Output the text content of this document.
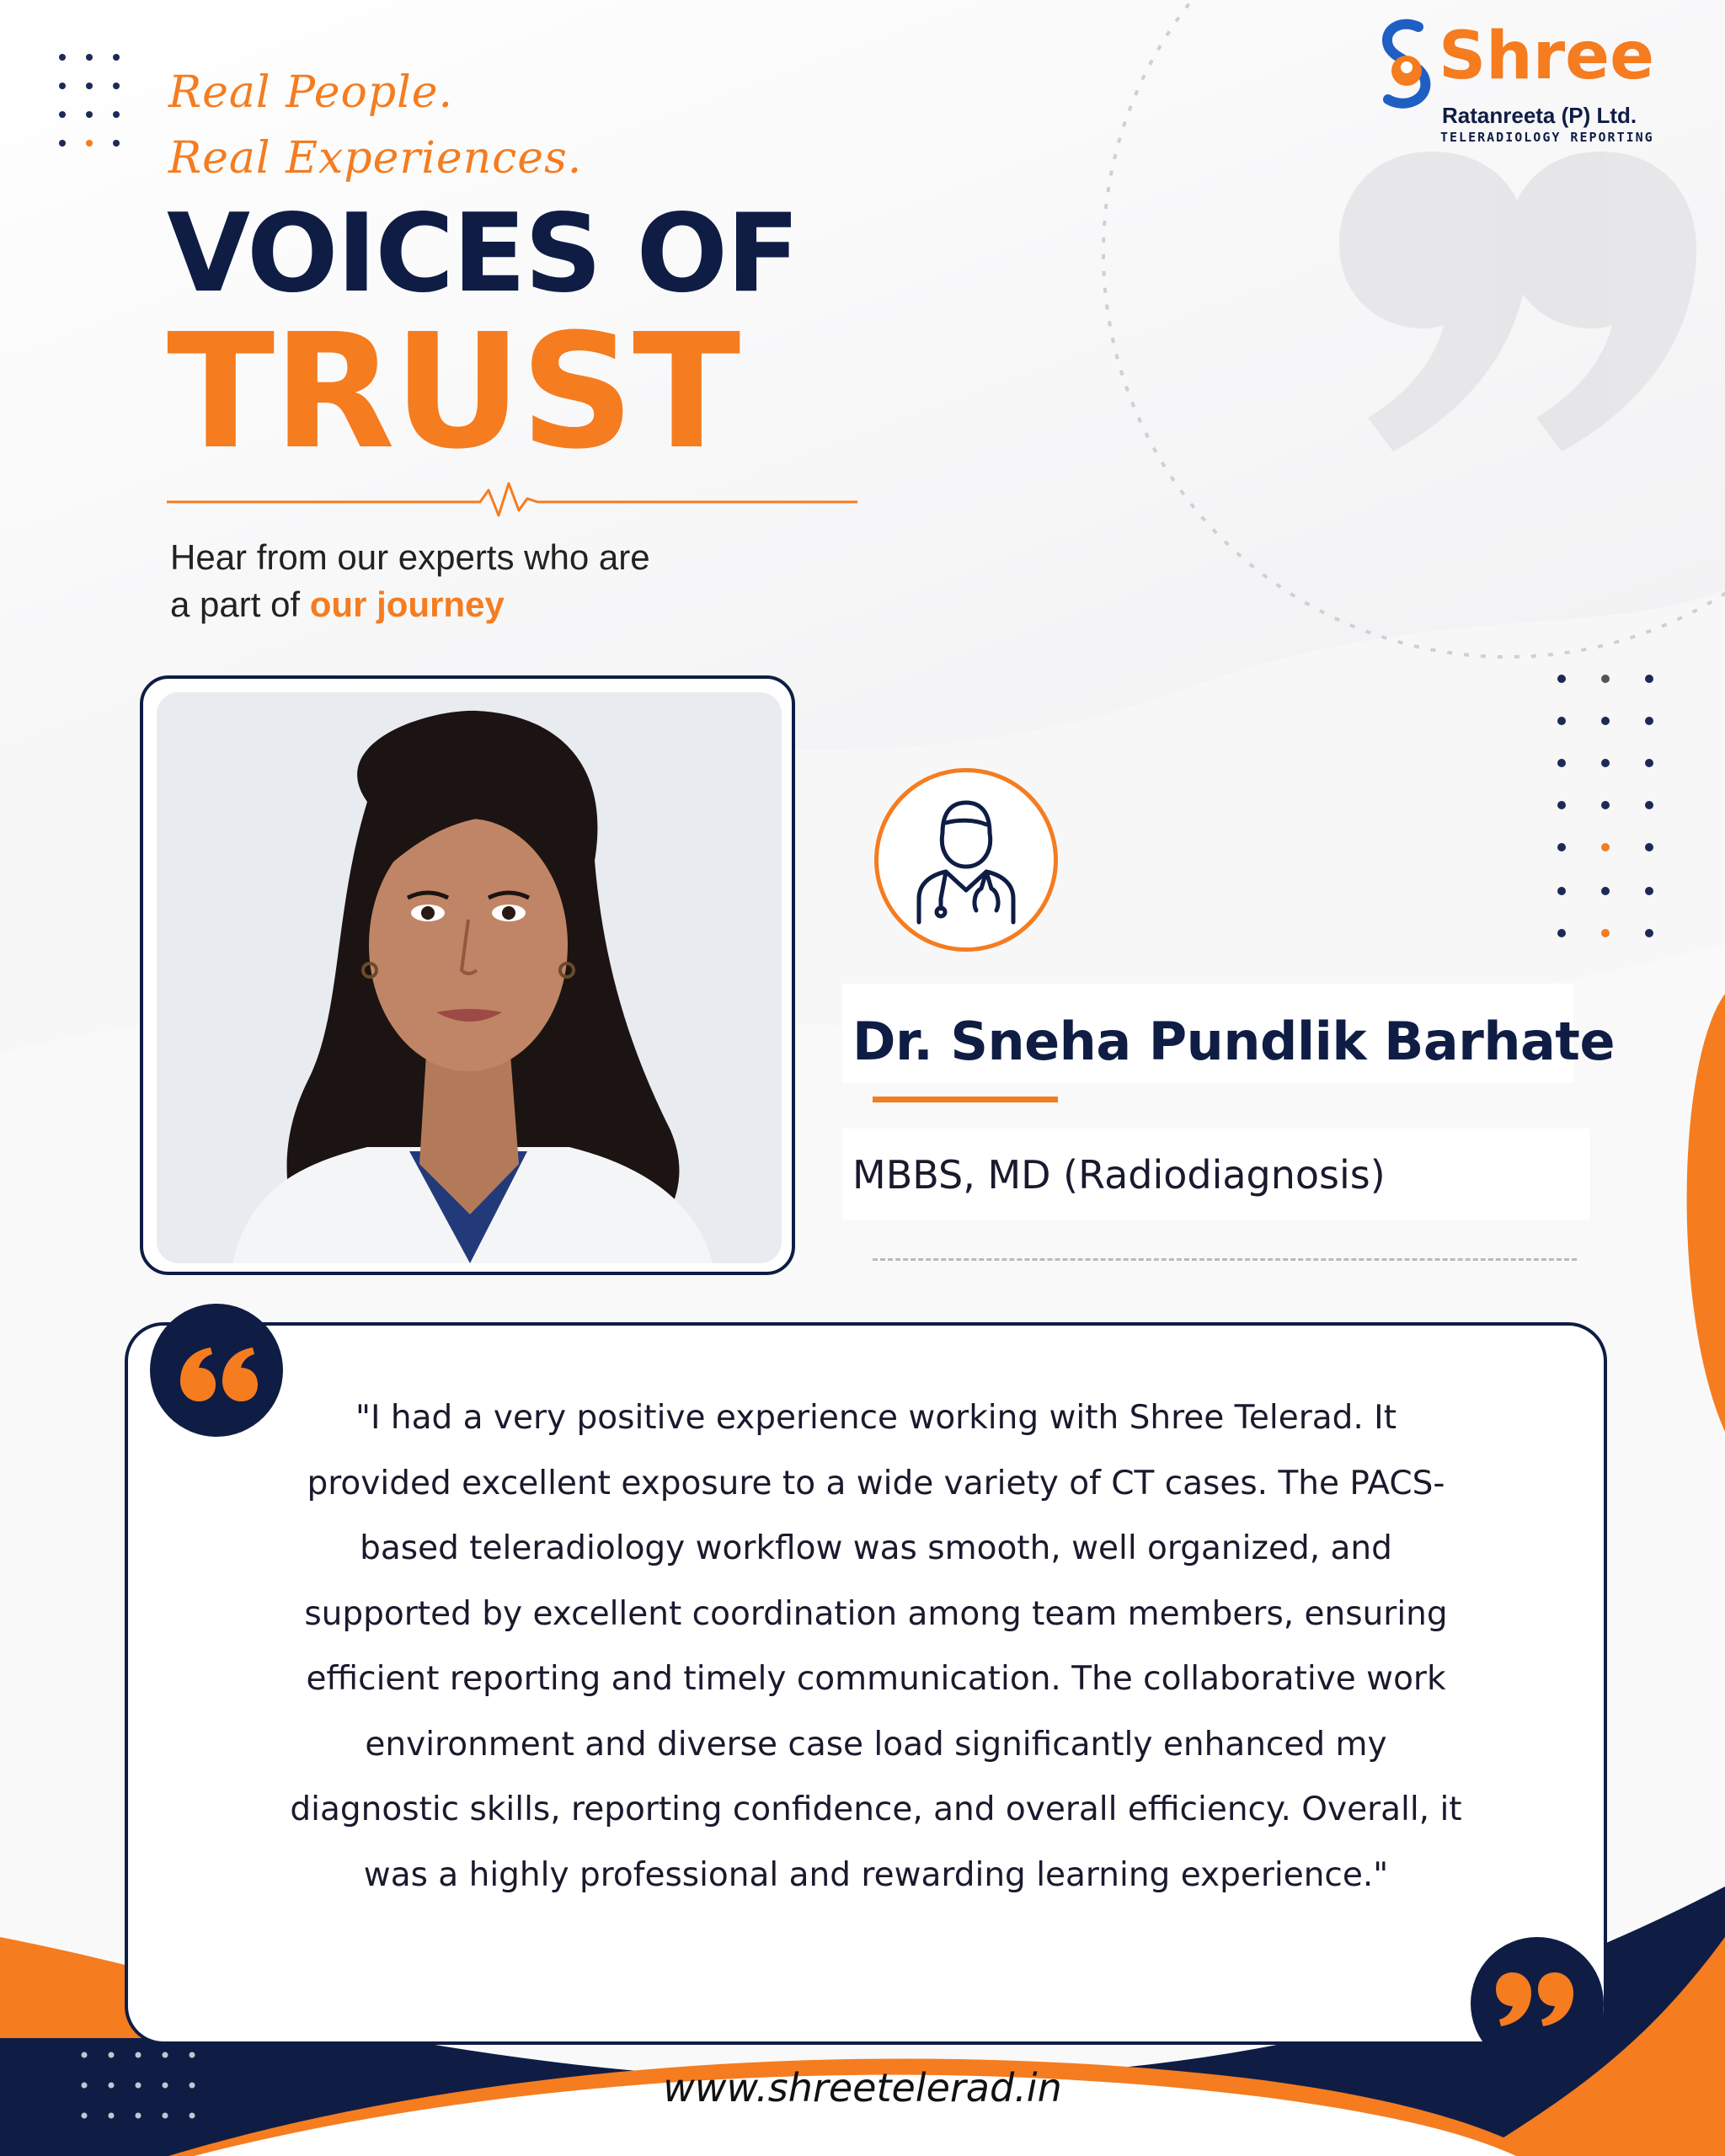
Shree
Ratanreeta (P) Ltd.
TELERADIOLOGY REPORTING
Real People.
Real Experiences.
VOICES OF
TRUST
Hear from our experts who are
a part of our journey
Dr. Sneha Pundlik Barhate
MBBS, MD (Radiodiagnosis)
"I had a very positive experience working with Shree Telerad. It provided excellent exposure to a wide variety of CT cases. The PACS-based teleradiology workflow was smooth, well organized, and supported by excellent coordination among team members, ensuring efficient reporting and timely communication. The collaborative work environment and diverse case load significantly enhanced my diagnostic skills, reporting confidence, and overall efficiency. Overall, it was a highly professional and rewarding learning experience."
www.shreetelerad.in
